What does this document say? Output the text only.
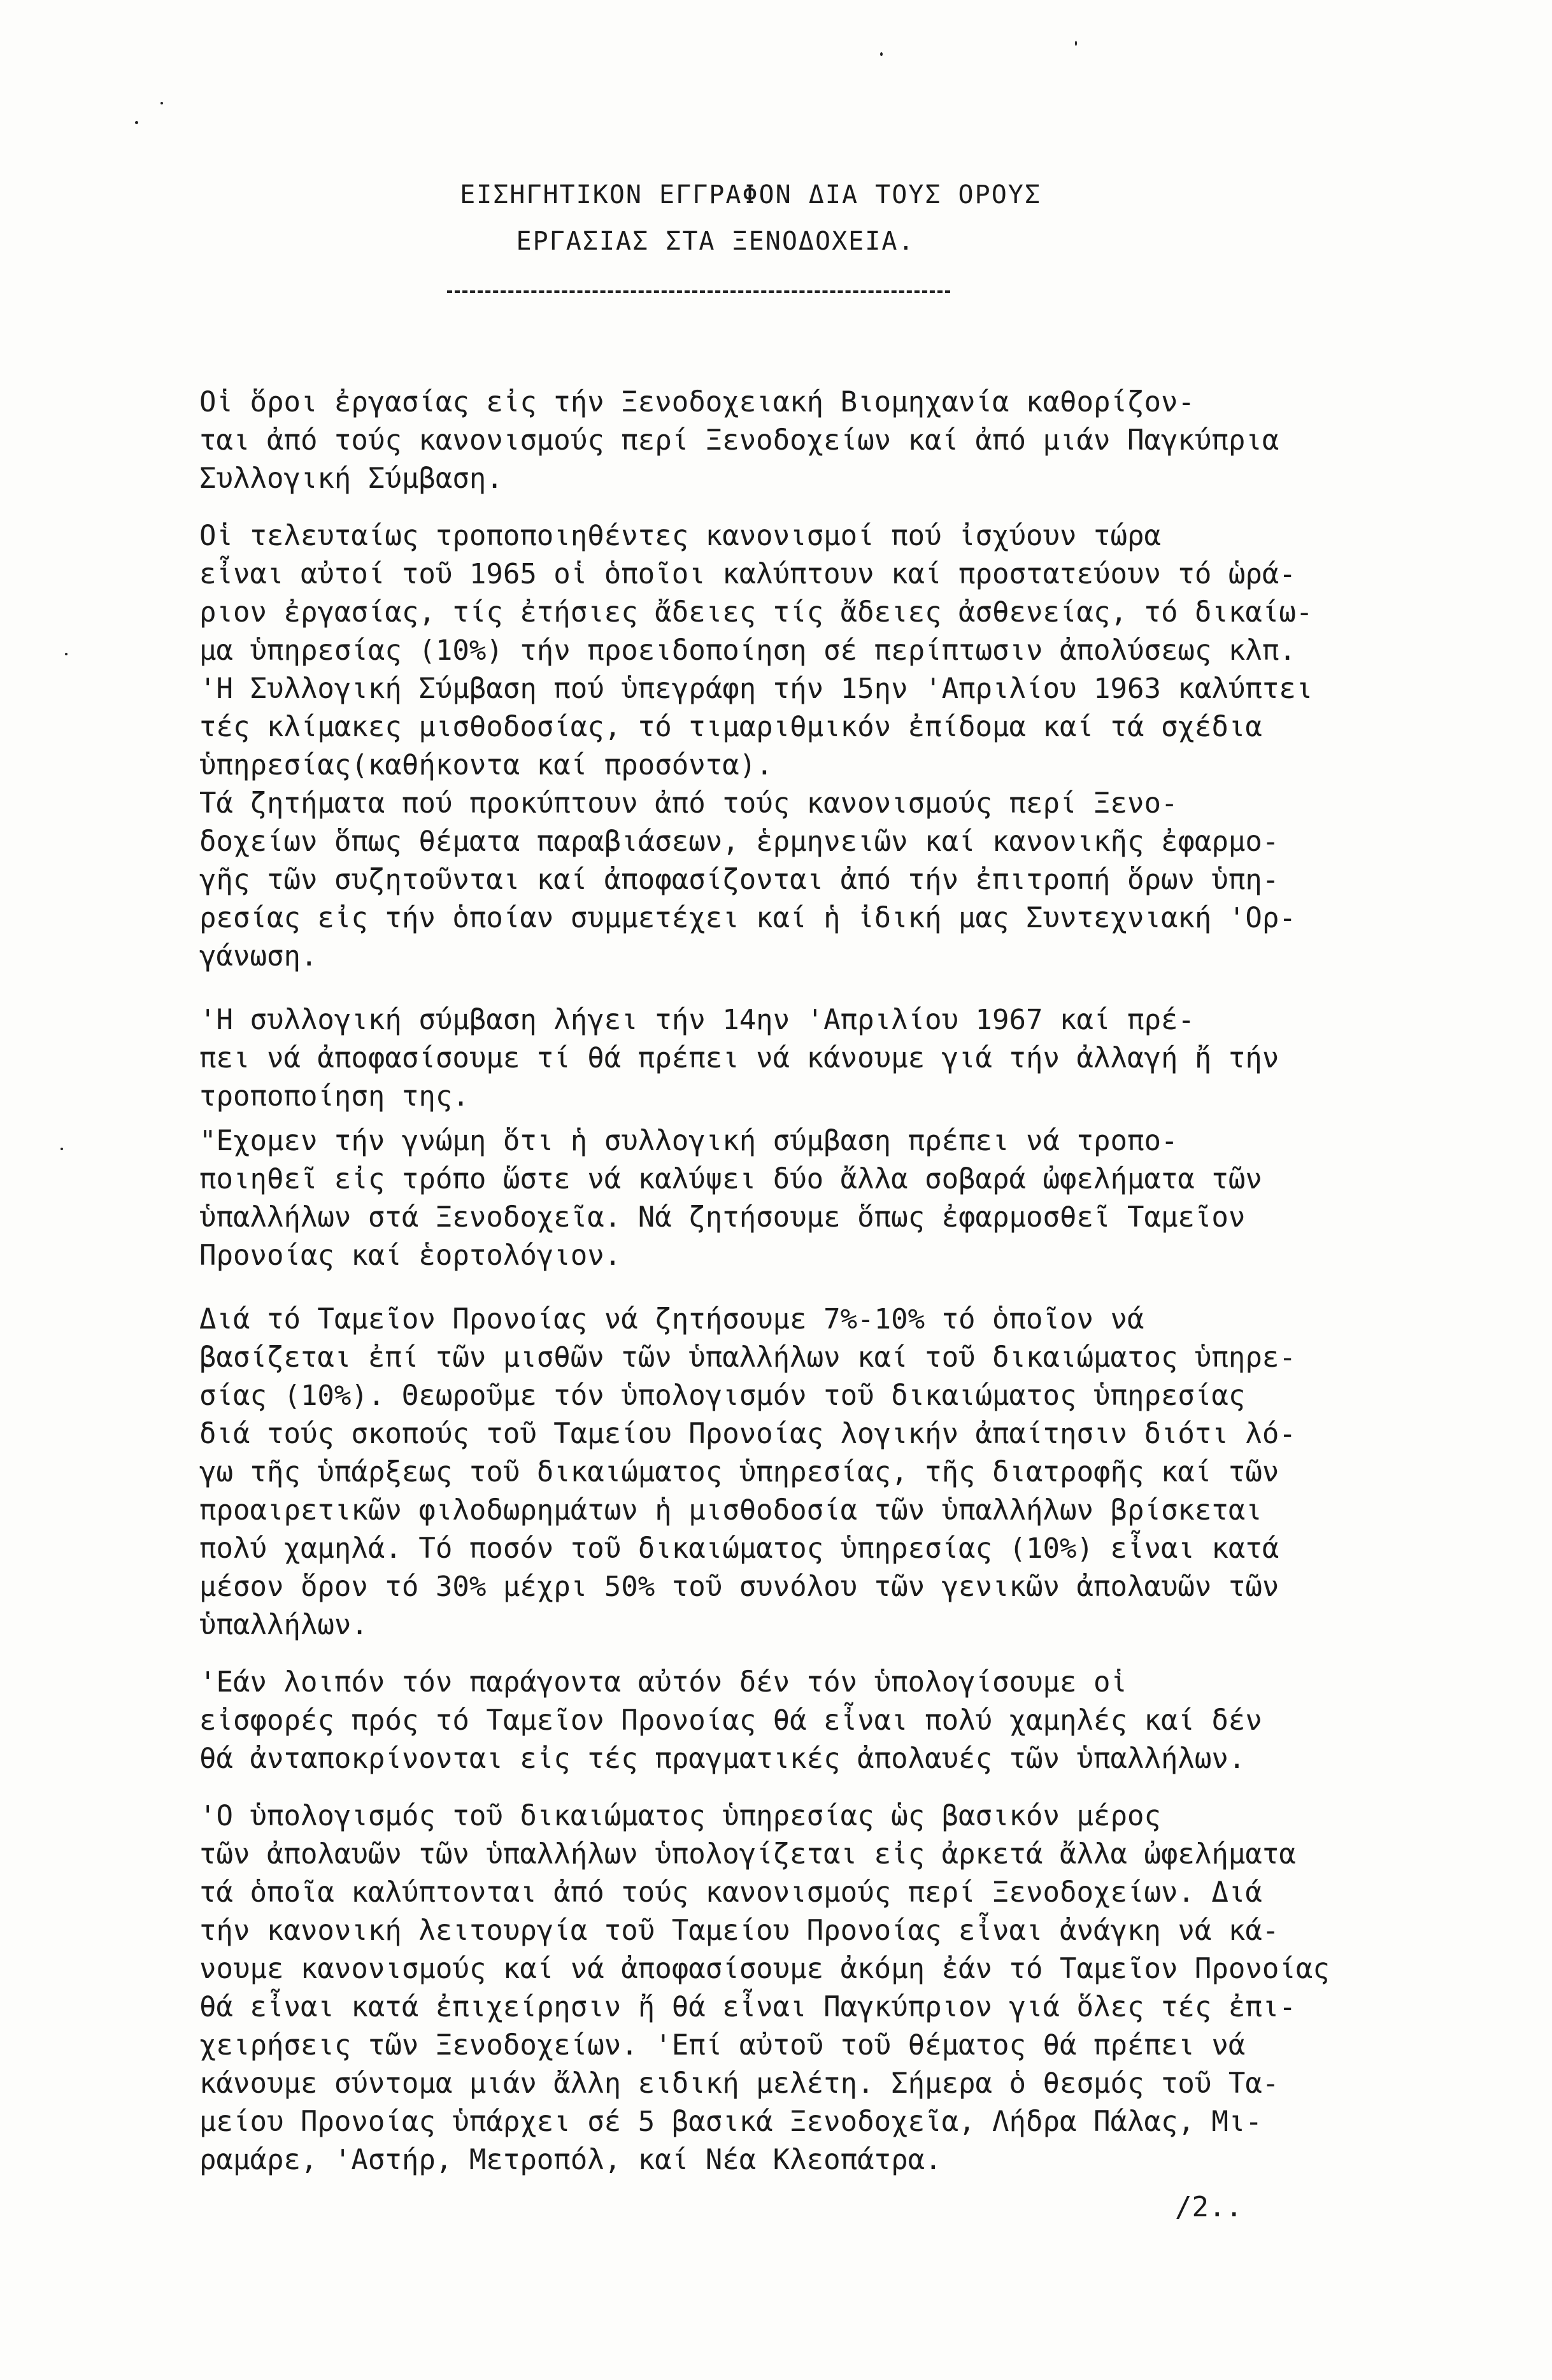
ΕΙΣΗΓΗΤΙΚΟΝ ΕΓΓΡΑΦΟΝ ΔΙΑ ΤΟΥΣ ΟΡΟΥΣ
ΕΡΓΑΣΙΑΣ ΣΤΑ ΞΕΝΟΔΟΧΕΙΑ.
Οἱ ὅροι ἐργασίας εἰς τήν Ξενοδοχειακή Βιομηχανία καθορίζον-
ται ἀπό τούς κανονισμούς περί Ξενοδοχείων καί ἀπό μιάν Παγκύπρια
Συλλογική Σύμβαση.
Οἱ τελευταίως τροποποιηθέντες κανονισμοί πού ἰσχύουν τώρα
εἶναι αὐτοί τοῦ 1965 οἱ ὁποῖοι καλύπτουν καί προστατεύουν τό ὡρά-
ριον ἐργασίας, τίς ἐτήσιες ἄδειες τίς ἄδειες ἀσθενείας, τό δικαίω-
μα ὑπηρεσίας (10%) τήν προειδοποίηση σέ περίπτωσιν ἀπολύσεως κλπ.
'Η Συλλογική Σύμβαση πού ὑπεγράφη τήν 15ην 'Απριλίου 1963 καλύπτει
τές κλίμακες μισθοδοσίας, τό τιμαριθμικόν ἐπίδομα καί τά σχέδια
ὑπηρεσίας(καθήκοντα καί προσόντα).
Τά ζητήματα πού προκύπτουν ἀπό τούς κανονισμούς περί Ξενο-
δοχείων ὅπως θέματα παραβιάσεων, ἑρμηνειῶν καί κανονικῆς ἐφαρμο-
γῆς τῶν συζητοῦνται καί ἀποφασίζονται ἀπό τήν ἐπιτροπή ὅρων ὑπη-
ρεσίας εἰς τήν ὁποίαν συμμετέχει καί ἡ ἰδική μας Συντεχνιακή 'Ορ-
γάνωση.
'Η συλλογική σύμβαση λήγει τήν 14ην 'Απριλίου 1967 καί πρέ-
πει νά ἀποφασίσουμε τί θά πρέπει νά κάνουμε γιά τήν ἀλλαγή ἤ τήν
τροποποίηση της.
"Εχομεν τήν γνώμη ὅτι ἡ συλλογική σύμβαση πρέπει νά τροπο-
ποιηθεῖ εἰς τρόπο ὥστε νά καλύψει δύο ἄλλα σοβαρά ὠφελήματα τῶν
ὑπαλλήλων στά Ξενοδοχεῖα. Νά ζητήσουμε ὅπως ἐφαρμοσθεῖ Ταμεῖον
Προνοίας καί ἑορτολόγιον.
Διά τό Ταμεῖον Προνοίας νά ζητήσουμε 7%-10% τό ὁποῖον νά
βασίζεται ἐπί τῶν μισθῶν τῶν ὑπαλλήλων καί τοῦ δικαιώματος ὑπηρε-
σίας (10%). Θεωροῦμε τόν ὑπολογισμόν τοῦ δικαιώματος ὑπηρεσίας
διά τούς σκοπούς τοῦ Ταμείου Προνοίας λογικήν ἀπαίτησιν διότι λό-
γω τῆς ὑπάρξεως τοῦ δικαιώματος ὑπηρεσίας, τῆς διατροφῆς καί τῶν
προαιρετικῶν φιλοδωρημάτων ἡ μισθοδοσία τῶν ὑπαλλήλων βρίσκεται
πολύ χαμηλά. Τό ποσόν τοῦ δικαιώματος ὑπηρεσίας (10%) εἶναι κατά
μέσον ὅρον τό 30% μέχρι 50% τοῦ συνόλου τῶν γενικῶν ἀπολαυῶν τῶν
ὑπαλλήλων.
'Εάν λοιπόν τόν παράγοντα αὐτόν δέν τόν ὑπολογίσουμε οἱ
εἰσφορές πρός τό Ταμεῖον Προνοίας θά εἶναι πολύ χαμηλές καί δέν
θά ἀνταποκρίνονται εἰς τές πραγματικές ἀπολαυές τῶν ὑπαλλήλων.
'Ο ὑπολογισμός τοῦ δικαιώματος ὑπηρεσίας ὡς βασικόν μέρος
τῶν ἀπολαυῶν τῶν ὑπαλλήλων ὑπολογίζεται εἰς ἀρκετά ἄλλα ὠφελήματα
τά ὁποῖα καλύπτονται ἀπό τούς κανονισμούς περί Ξενοδοχείων. Διά
τήν κανονική λειτουργία τοῦ Ταμείου Προνοίας εἶναι ἀνάγκη νά κά-
νουμε κανονισμούς καί νά ἀποφασίσουμε ἀκόμη ἐάν τό Ταμεῖον Προνοίας
θά εἶναι κατά ἐπιχείρησιν ἤ θά εἶναι Παγκύπριον γιά ὅλες τές ἐπι-
χειρήσεις τῶν Ξενοδοχείων. 'Επί αὐτοῦ τοῦ θέματος θά πρέπει νά
κάνουμε σύντομα μιάν ἄλλη ειδική μελέτη. Σήμερα ὁ θεσμός τοῦ Τα-
μείου Προνοίας ὑπάρχει σέ 5 βασικά Ξενοδοχεῖα, Λήδρα Πάλας, Μι-
ραμάρε, 'Αστήρ, Μετροπόλ, καί Νέα Κλεοπάτρα.
/2..
